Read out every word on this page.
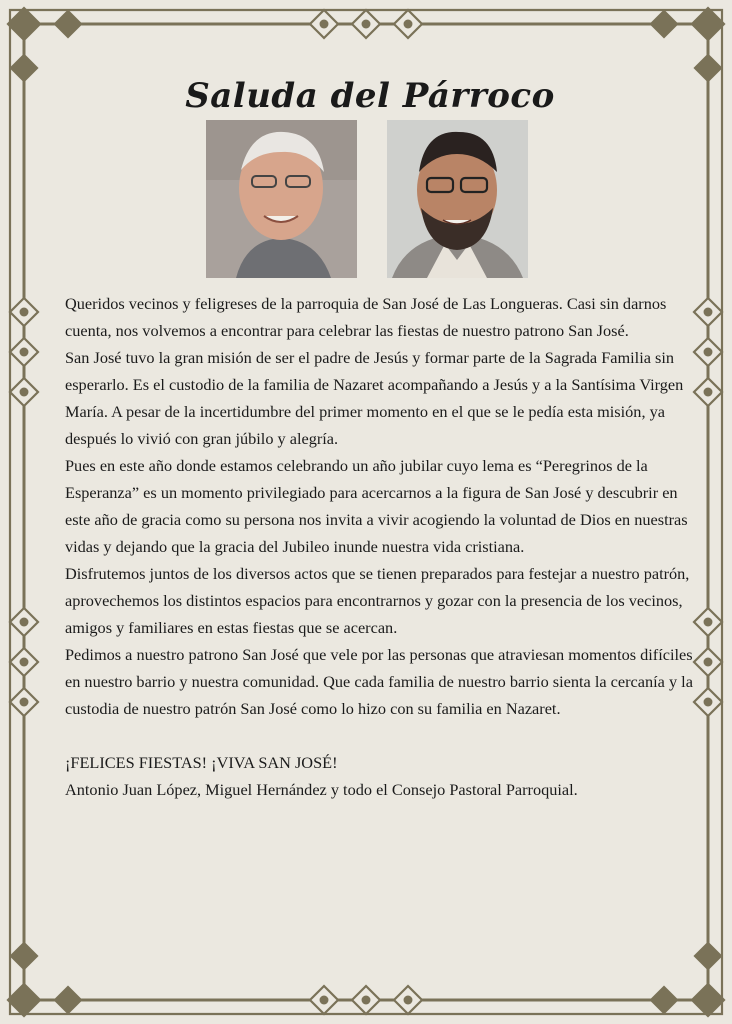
Saluda del Párroco

Queridos vecinos y feligreses de la parroquia de San José de Las Longueras. Casi sin darnos cuenta, nos volvemos a encontrar para celebrar las fiestas de nuestro patrono San José.

San José tuvo la gran misión de ser el padre de Jesús y formar parte de la Sagrada Familia sin esperarlo. Es el custodio de la familia de Nazaret acompañando a Jesús y a la Santísima Virgen María. A pesar de la incertidumbre del primer momento en el que se le pedía esta misión, ya después lo vivió con gran júbilo y alegría.

Pues en este año donde estamos celebrando un año jubilar cuyo lema es “Peregrinos de la Esperanza” es un momento privilegiado para acercarnos a la figura de San José y descubrir en este año de gracia como su persona nos invita a vivir acogiendo la voluntad de Dios en nuestras vidas y dejando que la gracia del Jubileo inunde nuestra vida cristiana.

Disfrutemos juntos de los diversos actos que se tienen preparados para festejar a nuestro patrón, aprovechemos los distintos espacios para encontrarnos y gozar con la presencia de los vecinos, amigos y familiares en estas fiestas que se acercan.

Pedimos a nuestro patrono San José que vele por las personas que atraviesan momentos difíciles en nuestro barrio y nuestra comunidad. Que cada familia de nuestro barrio sienta la cercanía y la custodia de nuestro patrón San José como lo hizo con su familia en Nazaret.

¡FELICES FIESTAS! ¡VIVA SAN JOSÉ!

Antonio Juan López, Miguel Hernández y todo el Consejo Pastoral Parroquial.
